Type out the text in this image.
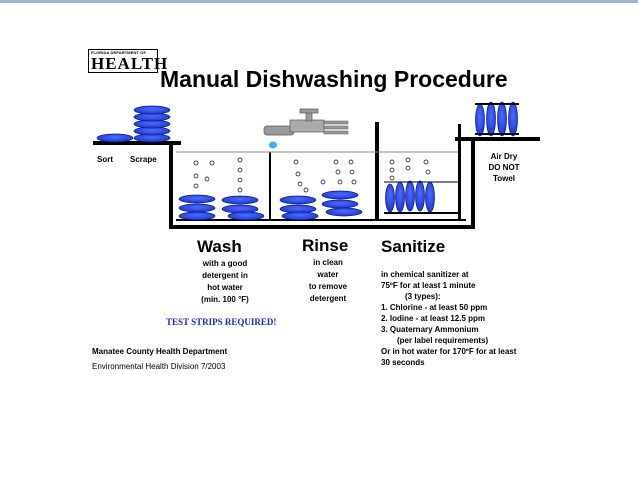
FLORIDA DEPARTMENT OF
HEALTH
Manual Dishwashing Procedure
Sort Scrape	Air Dry
DO NOT
Towel
Wash	Rinse Sanitize
with a good
detergent in
hot water
(min. 100 °F)
in clean
water
to remove
detergent
in chemical sanitizer at
75ºF for at least 1 minute
(3 types):
1. Chlorine - at least 50 ppm
2. Iodine - at least 12.5 ppm
3. Quaternary Ammonium
(per label requirements)
Or in hot water for 170ºF for at least
30 seconds
TEST STRIPS REQUIRED!
Manatee County Health Department
Environmental Health Division 7/2003
